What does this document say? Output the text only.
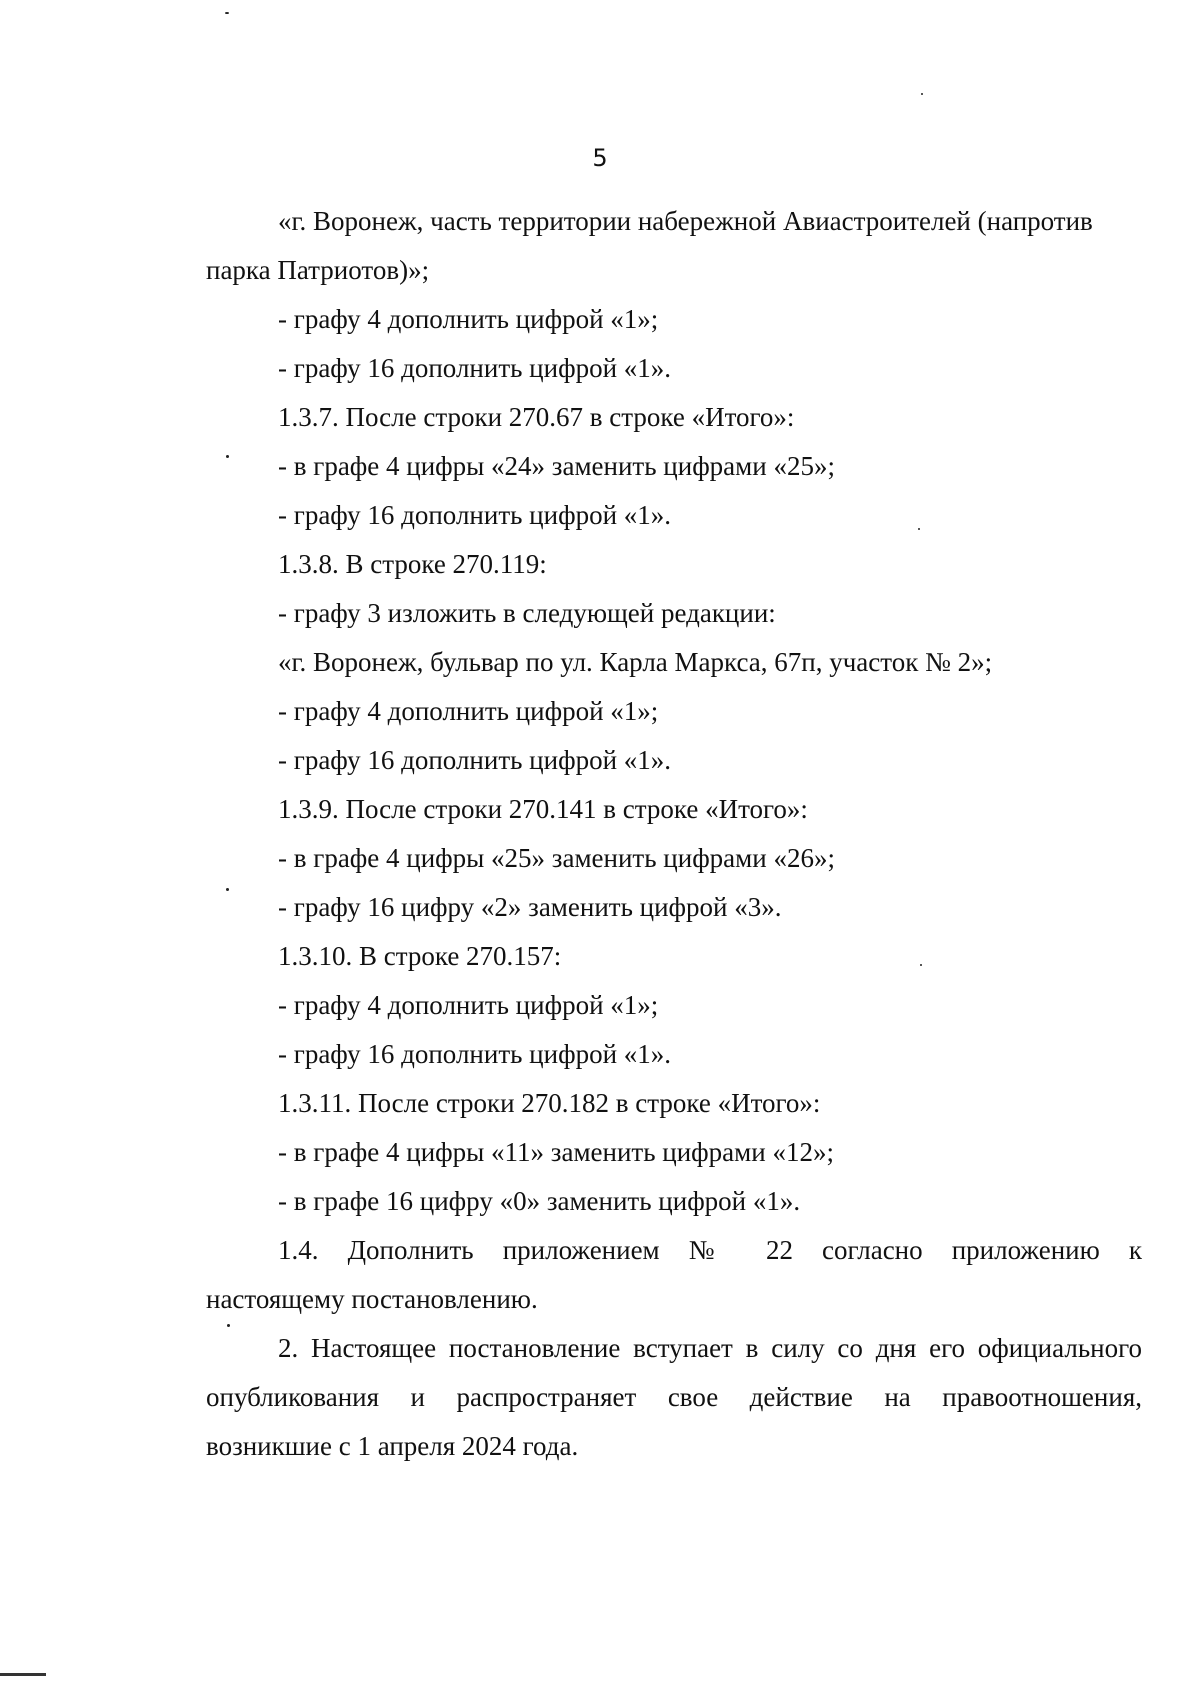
5
«г. Воронеж, часть территории набережной Авиастроителей (напротив
парка Патриотов)»;
- графу 4 дополнить цифрой «1»;
- графу 16 дополнить цифрой «1».
1.3.7. После строки 270.67 в строке «Итого»:
- в графе 4 цифры «24» заменить цифрами «25»;
- графу 16 дополнить цифрой «1».
1.3.8. В строке 270.119:
- графу 3 изложить в следующей редакции:
«г. Воронеж, бульвар по ул. Карла Маркса, 67п, участок № 2»;
- графу 4 дополнить цифрой «1»;
- графу 16 дополнить цифрой «1».
1.3.9. После строки 270.141 в строке «Итого»:
- в графе 4 цифры «25» заменить цифрами «26»;
- графу 16 цифру «2» заменить цифрой «3».
1.3.10. В строке 270.157:
- графу 4 дополнить цифрой «1»;
- графу 16 дополнить цифрой «1».
1.3.11. После строки 270.182 в строке «Итого»:
- в графе 4 цифры «11» заменить цифрами «12»;
- в графе 16 цифру «0» заменить цифрой «1».
1.4. Дополнить приложением № 22 согласно приложению к
настоящему постановлению.
2. Настоящее постановление вступает в силу со дня его официального
опубликования и распространяет свое действие на правоотношения,
возникшие с 1 апреля 2024 года.
